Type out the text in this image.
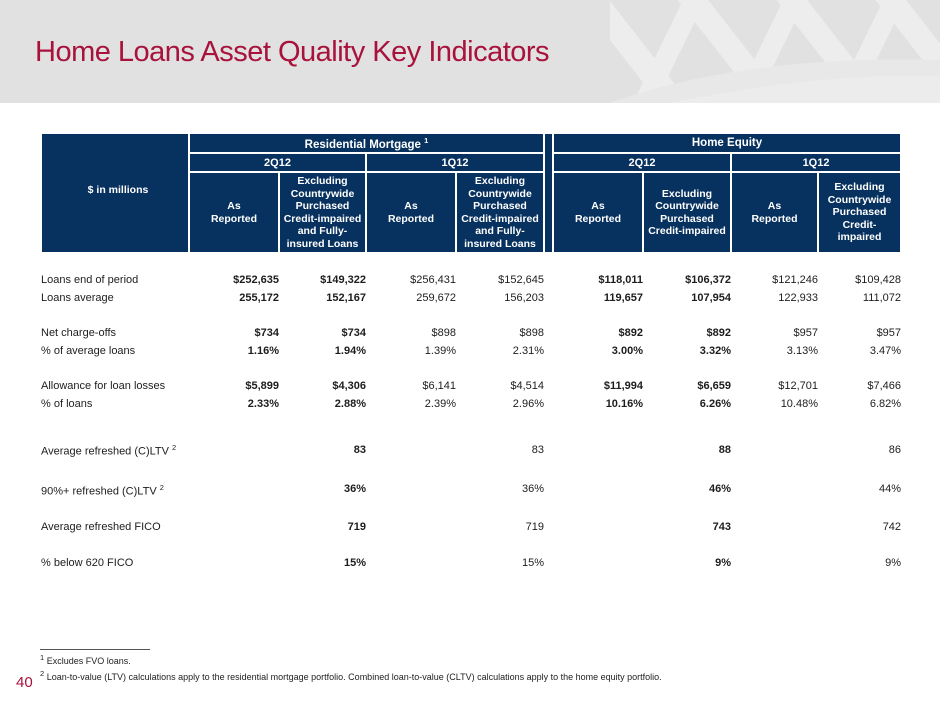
Home Loans Asset Quality Key Indicators
$ in millions	Residential Mortgage $^1$					Home Equity			
	2Q12		1Q12			2Q12		1Q12	
	As Reported	Excluding Countrywide Purchased Credit-impaired and Fully-insured Loans	As Reported	Excluding Countrywide Purchased Credit-impaired and Fully-insured Loans		As Reported	Excluding Countrywide Purchased Credit-impaired	As Reported	Excluding Countrywide Purchased Credit-impaired

Loans end of period	$252,635	$149,322	$256,431	$152,645		$118,011	$106,372	$121,246	$109,428
Loans average	255,172	152,167	259,672	156,203		119,657	107,954	122,933	111,072

Net charge-offs	$734	$734	$898	$898		$892	$892	$957	$957
% of average loans	1.16%	1.94%	1.39%	2.31%		3.00%	3.32%	3.13%	3.47%

Allowance for loan losses	$5,899	$4,306	$6,141	$4,514		$11,994	$6,659	$12,701	$7,466
% of loans	2.33%	2.88%	2.39%	2.96%		10.16%	6.26%	10.48%	6.82%

Average refreshed (C)LTV $^2$		83		83			88		86

90%+ refreshed (C)LTV $^2$		36%		36%			46%		44%

Average refreshed FICO		719		719			743		742

% below 620 FICO		15%		15%			9%		9%
$^1$ Excludes FVO loans.
$^2$ Loan-to-value (LTV) calculations apply to the residential mortgage portfolio. Combined loan-to-value (CLTV) calculations apply to the home equity portfolio.
40
